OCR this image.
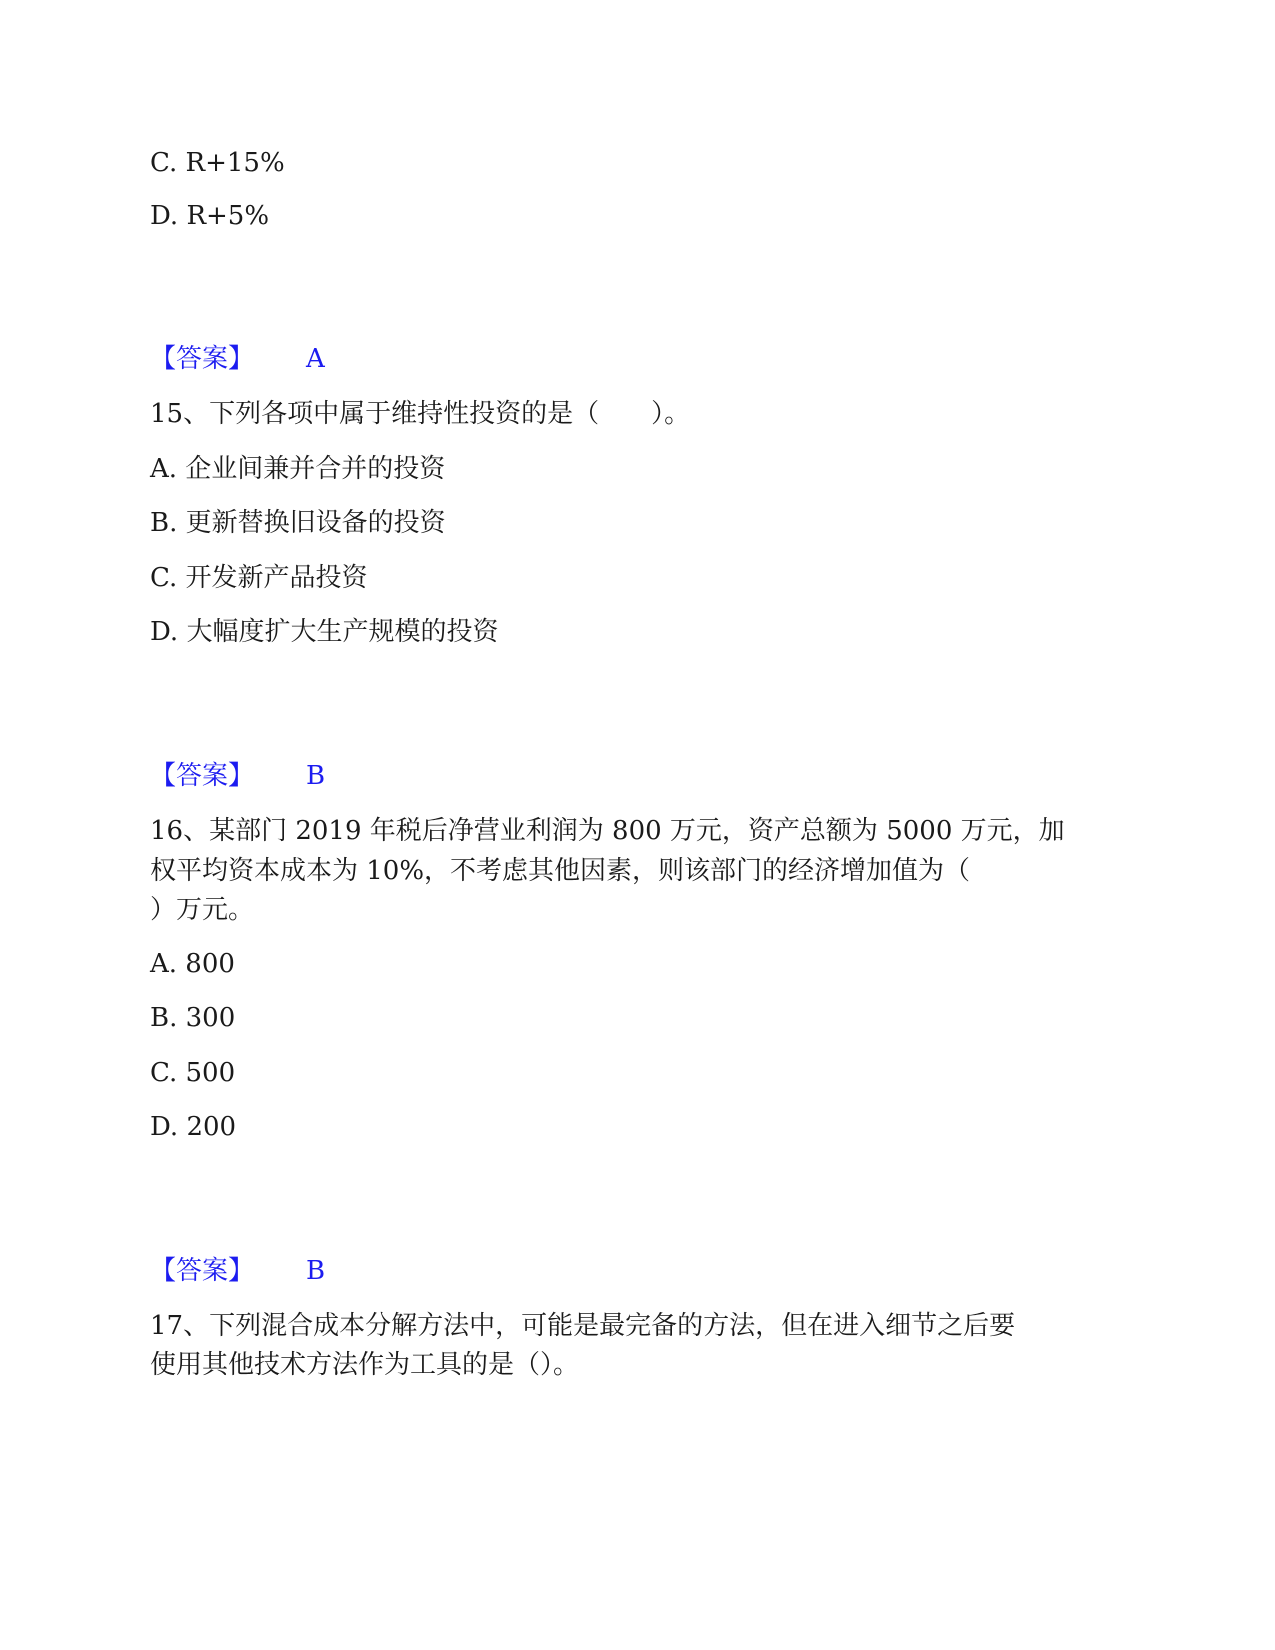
C. R+15%
D. R+5%
【答案】 A
15、下列各项中属于维持性投资的是（　　）。
A. 企业间兼并合并的投资
B. 更新替换旧设备的投资
C. 开发新产品投资
D. 大幅度扩大生产规模的投资
【答案】 B
16、某部门 2019 年税后净营业利润为 800 万元，资产总额为 5000 万元，加
权平均资本成本为 10%，不考虑其他因素，则该部门的经济增加值为（
）万元。
A. 800
B. 300
C. 500
D. 200
【答案】 B
17、下列混合成本分解方法中，可能是最完备的方法，但在进入细节之后要
使用其他技术方法作为工具的是（）。
